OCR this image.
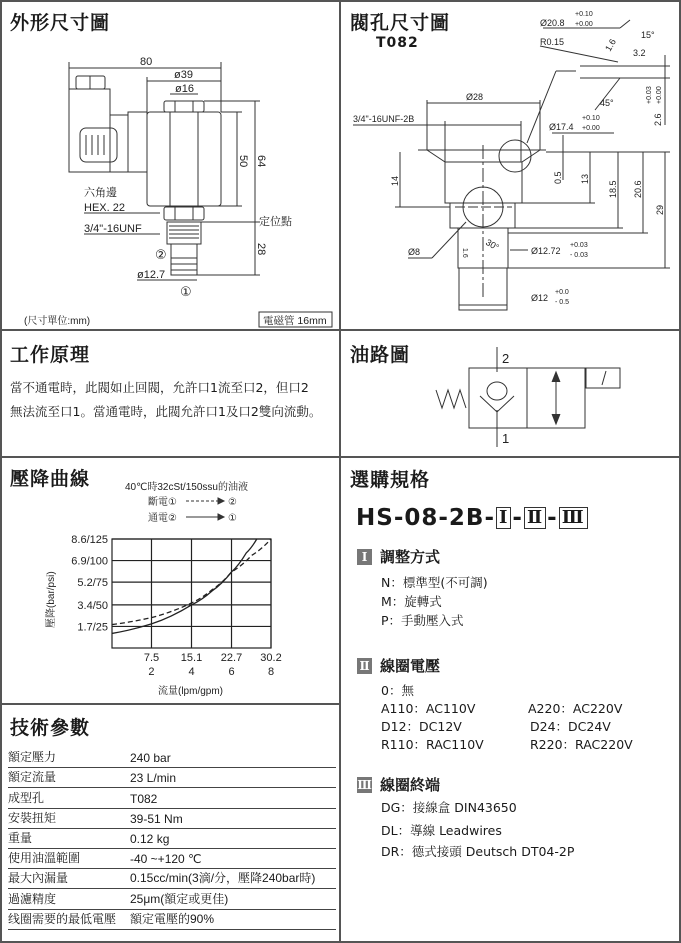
外形尺寸圖
80
ø39
ø16
50 64
28
六角邊
HEX. 22
3/4"-16UNF
定位點
②
ø12.7
①
(尺寸單位:mm)	電磁管 16mm
Ø20.8
+0.10
+0.00
R0.15
15°
1.6 3.2
Ø28
3/4"-16UNF-2B
45°
Ø17.4
+0.10
+0.00
2.6
+0.03 +0.00
14	0.5 13
18.5 20.6
29
Ø8	1.6
30°	Ø12.72
+0.03
- 0.03
Ø12
+0.0
- 0.5
2
1
1.7/25
3.4/50
5.2/75
6.9/100
8.6/125
7.5
2
15.1
4
22.7
6
30.2
8
40℃時32cSt/150ssu的油液
斷電①	②
通電②	①
流量(lpm/gpm)
壓降(bar/psi)
閥孔尺寸圖
T082
工作原理
當不通電時，此閥如止回閥，允許口1流至口2，但口2
無法流至口1。當通電時，此閥允許口1及口2雙向流動。
油路圖
壓降曲線
技術參數
額定壓力	240 bar
額定流量	23 L/min
成型孔	T082
安裝扭矩	39-51 Nm
重量	0.12 kg
使用油溫範圍	-40 ~+120 ℃
最大內漏量	0.15cc/min(3滴/分，壓降240bar時)
過濾精度	25μm(額定或更佳)
线圈需要的最低電壓	額定電壓的90%
選購規格
HS-08-2B- Ⅰ - Ⅱ - Ⅲ
Ⅰ 調整方式
N：標準型(不可調)
M：旋轉式
P：手動壓入式
Ⅱ 線圈電壓
0：無
A110：AC110V	A220：AC220V
D12：DC12V	D24：DC24V
R110：RAC110V	R220：RAC220V
Ⅲ 線圈終端
DG：接線盒 DIN43650
DL：導線 Leadwires
DR：德式接頭 Deutsch DT04-2P
